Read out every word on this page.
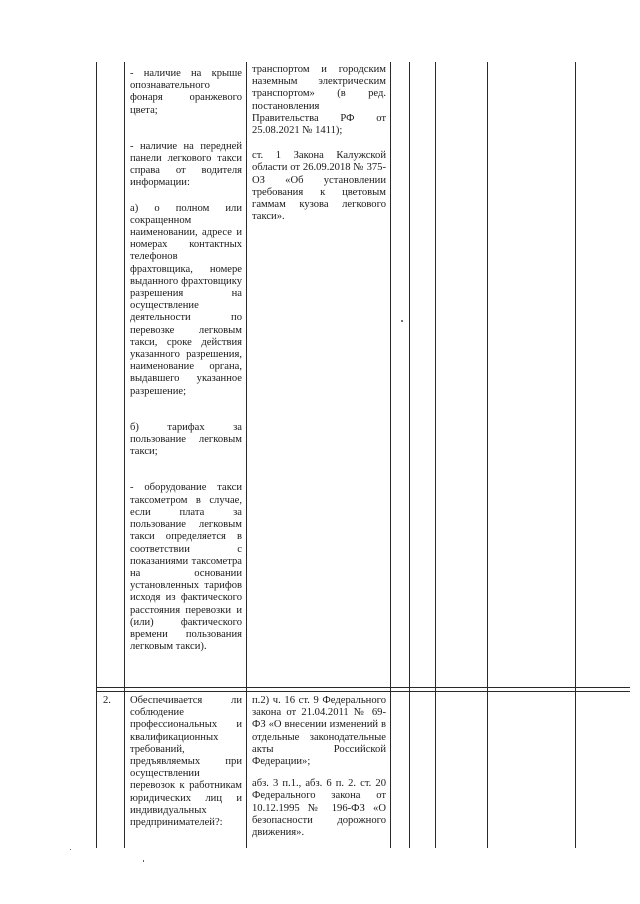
- наличие на крыше опознавательного фонаря оранжевого цвета;

- наличие на передней панели легкового такси справа от водителя информации:

а) о полном или сокращенном наименовании, адресе и номерах контактных телефонов фрахтовщика, номере выданного фрахтовщику разрешения на осуществление деятельности по перевозке легковым такси, сроке действия указанного разрешения, наименование органа, выдавшего указанное разрешение;

б) тарифах за пользование легковым такси;

- оборудование такси таксометром в случае, если плата за пользование легковым такси определяется в соответствии с показаниями таксометра на основании установленных тарифов исходя из фактического расстояния перевозки и (или) фактического времени пользования легковым такси).

транспортом и городским наземным электрическим транспортом» (в ред. постановления Правительства РФ от 25.08.2021 № 1411);

ст. 1 Закона Калужской области от 26.09.2018 № 375-ОЗ «Об установлении требования к цветовым гаммам кузова легкового такси».

2. Обеспечивается ли соблюдение профессиональных и квалификационных требований, предъявляемых при осуществлении перевозок к работникам юридических лиц и индивидуальных предпринимателей?:

п.2) ч. 16 ст. 9 Федерального закона от 21.04.2011 № 69-ФЗ «О внесении изменений в отдельные законодательные акты Российской Федерации»;

абз. 3 п.1., абз. 6 п. 2. ст. 20 Федерального закона от 10.12.1995 № 196-ФЗ «О безопасности дорожного движения».
